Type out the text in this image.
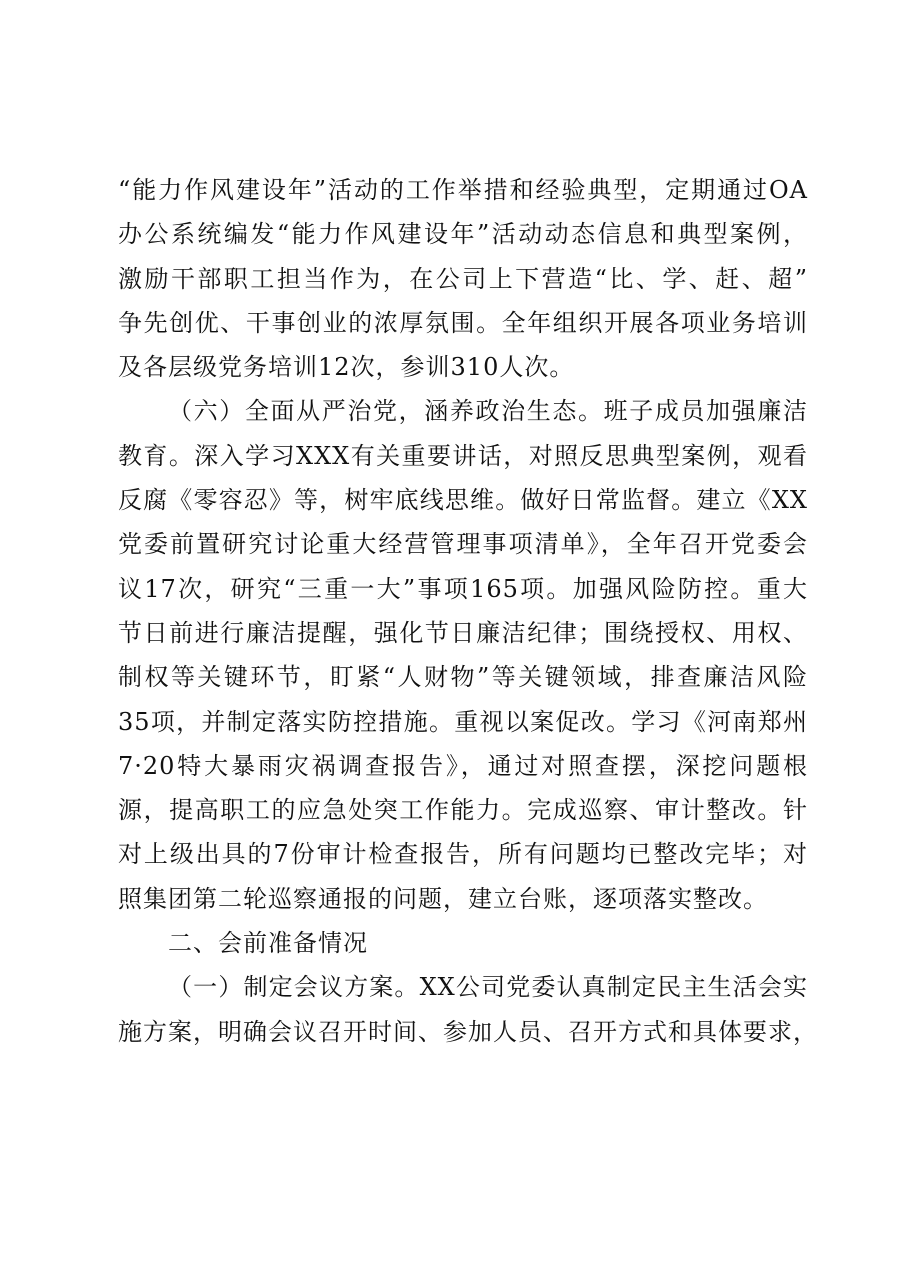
“能力作风建设年”活动的工作举措和经验典型，定期通过OA
办公系统编发“能力作风建设年”活动动态信息和典型案例，
激励干部职工担当作为，在公司上下营造“比、学、赶、超”
争先创优、干事创业的浓厚氛围。全年组织开展各项业务培训
及各层级党务培训12次，参训310人次。
（六）全面从严治党，涵养政治生态。班子成员加强廉洁
教育。深入学习XXX有关重要讲话，对照反思典型案例，观看
反腐《零容忍》等，树牢底线思维。做好日常监督。建立《XX
党委前置研究讨论重大经营管理事项清单》，全年召开党委会
议17次，研究“三重一大”事项165项。加强风险防控。重大
节日前进行廉洁提醒，强化节日廉洁纪律；围绕授权、用权、
制权等关键环节，盯紧“人财物”等关键领域，排查廉洁风险
35项，并制定落实防控措施。重视以案促改。学习《河南郑州
7·20特大暴雨灾祸调查报告》，通过对照查摆，深挖问题根
源，提高职工的应急处突工作能力。完成巡察、审计整改。针
对上级出具的7份审计检查报告，所有问题均已整改完毕；对
照集团第二轮巡察通报的问题，建立台账，逐项落实整改。
二、会前准备情况
（一）制定会议方案。XX公司党委认真制定民主生活会实
施方案，明确会议召开时间、参加人员、召开方式和具体要求，
